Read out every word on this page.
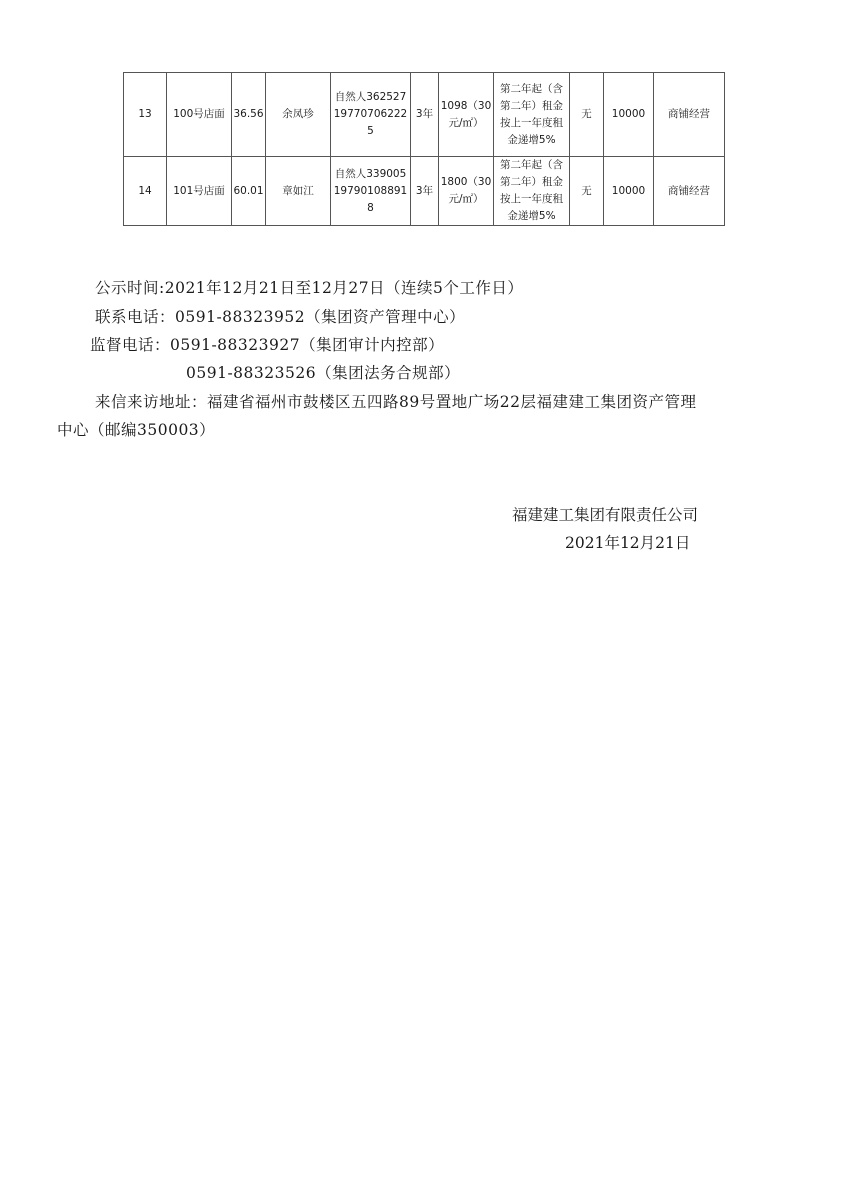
13	100号店面	36.56	余凤珍	自然人362527197707062225	3年	1098（30元/㎡）	第二年起（含第二年）租金按上一年度租金递增5%	无	10000	商铺经营
14	101号店面	60.01	章如江	自然人339005197901088918	3年	1800（30元/㎡）	第二年起（含第二年）租金按上一年度租金递增5%	无	10000	商铺经营
公示时间:2021年12月21日至12月27日（连续5个工作日）
联系电话：0591-88323952（集团资产管理中心）
监督电话：0591-88323927（集团审计内控部）
0591-88323526（集团法务合规部）
来信来访地址：福建省福州市鼓楼区五四路89号置地广场22层福建建工集团资产管理
中心（邮编350003）
福建建工集团有限责任公司
2021年12月21日
